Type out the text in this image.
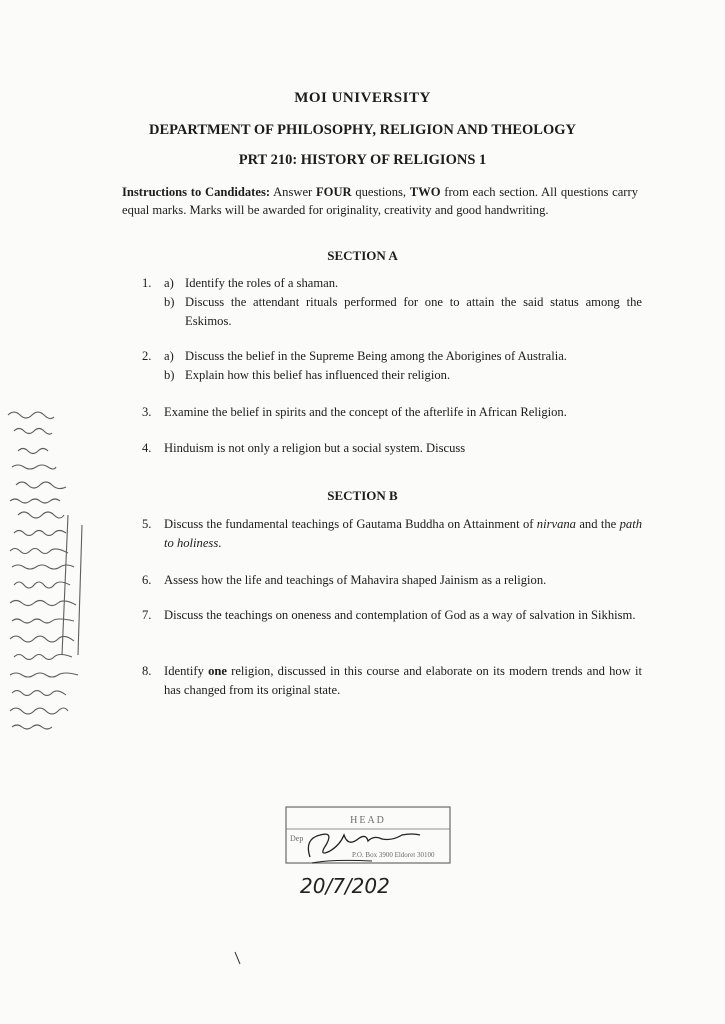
MOI UNIVERSITY
DEPARTMENT OF PHILOSOPHY, RELIGION AND THEOLOGY
PRT 210: HISTORY OF RELIGIONS 1
Instructions to Candidates: Answer FOUR questions, TWO from each section. All questions carry equal marks. Marks will be awarded for originality, creativity and good handwriting.
SECTION A
1. a) Identify the roles of a shaman.
b) Discuss the attendant rituals performed for one to attain the said status among the Eskimos.
2. a) Discuss the belief in the Supreme Being among the Aborigines of Australia.
b) Explain how this belief has influenced their religion.
3. Examine the belief in spirits and the concept of the afterlife in African Religion.
4. Hinduism is not only a religion but a social system. Discuss
SECTION B
5. Discuss the fundamental teachings of Gautama Buddha on Attainment of nirvana and the path to holiness.
6. Assess how the life and teachings of Mahavira shaped Jainism as a religion.
7. Discuss the teachings on oneness and contemplation of God as a way of salvation in Sikhism.
8. Identify one religion, discussed in this course and elaborate on its modern trends and how it has changed from its original state.
HEAD
Dep
P.O. Box 3900 Eldoret 30100
20/7/202
